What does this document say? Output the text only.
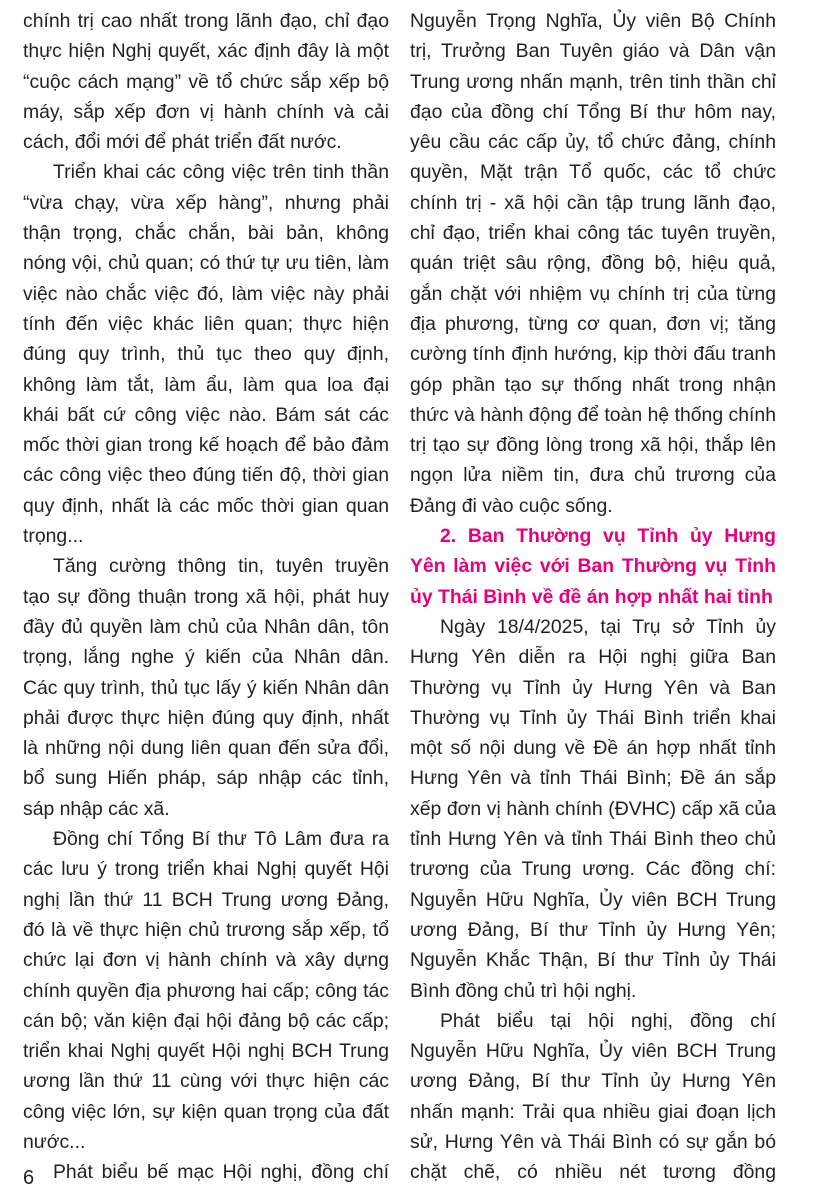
chính trị cao nhất trong lãnh đạo, chỉ đạo thực hiện Nghị quyết, xác định đây là một “cuộc cách mạng” về tổ chức sắp xếp bộ máy, sắp xếp đơn vị hành chính và cải cách, đổi mới để phát triển đất nước.

Triển khai các công việc trên tinh thần “vừa chạy, vừa xếp hàng”, nhưng phải thận trọng, chắc chắn, bài bản, không nóng vội, chủ quan; có thứ tự ưu tiên, làm việc nào chắc việc đó, làm việc này phải tính đến việc khác liên quan; thực hiện đúng quy trình, thủ tục theo quy định, không làm tắt, làm ẩu, làm qua loa đại khái bất cứ công việc nào. Bám sát các mốc thời gian trong kế hoạch để bảo đảm các công việc theo đúng tiến độ, thời gian quy định, nhất là các mốc thời gian quan trọng...

Tăng cường thông tin, tuyên truyền tạo sự đồng thuận trong xã hội, phát huy đầy đủ quyền làm chủ của Nhân dân, tôn trọng, lắng nghe ý kiến của Nhân dân. Các quy trình, thủ tục lấy ý kiến Nhân dân phải được thực hiện đúng quy định, nhất là những nội dung liên quan đến sửa đổi, bổ sung Hiến pháp, sáp nhập các tỉnh, sáp nhập các xã.

Đồng chí Tổng Bí thư Tô Lâm đưa ra các lưu ý trong triển khai Nghị quyết Hội nghị lần thứ 11 BCH Trung ương Đảng, đó là về thực hiện chủ trương sắp xếp, tổ chức lại đơn vị hành chính và xây dựng chính quyền địa phương hai cấp; công tác cán bộ; văn kiện đại hội đảng bộ các cấp; triển khai Nghị quyết Hội nghị BCH Trung ương lần thứ 11 cùng với thực hiện các công việc lớn, sự kiện quan trọng của đất nước...

Phát biểu bế mạc Hội nghị, đồng chí

Nguyễn Trọng Nghĩa, Ủy viên Bộ Chính trị, Trưởng Ban Tuyên giáo và Dân vận Trung ương nhấn mạnh, trên tinh thần chỉ đạo của đồng chí Tổng Bí thư hôm nay, yêu cầu các cấp ủy, tổ chức đảng, chính quyền, Mặt trận Tổ quốc, các tổ chức chính trị - xã hội cần tập trung lãnh đạo, chỉ đạo, triển khai công tác tuyên truyền, quán triệt sâu rộng, đồng bộ, hiệu quả, gắn chặt với nhiệm vụ chính trị của từng địa phương, từng cơ quan, đơn vị; tăng cường tính định hướng, kịp thời đấu tranh góp phần tạo sự thống nhất trong nhận thức và hành động để toàn hệ thống chính trị tạo sự đồng lòng trong xã hội, thắp lên ngọn lửa niềm tin, đưa chủ trương của Đảng đi vào cuộc sống.

2. Ban Thường vụ Tỉnh ủy Hưng Yên làm việc với Ban Thường vụ Tỉnh ủy Thái Bình về đề án hợp nhất hai tỉnh

Ngày 18/4/2025, tại Trụ sở Tỉnh ủy Hưng Yên diễn ra Hội nghị giữa Ban Thường vụ Tỉnh ủy Hưng Yên và Ban Thường vụ Tỉnh ủy Thái Bình triển khai một số nội dung về Đề án hợp nhất tỉnh Hưng Yên và tỉnh Thái Bình; Đề án sắp xếp đơn vị hành chính (ĐVHC) cấp xã của tỉnh Hưng Yên và tỉnh Thái Bình theo chủ trương của Trung ương. Các đồng chí: Nguyễn Hữu Nghĩa, Ủy viên BCH Trung ương Đảng, Bí thư Tỉnh ủy Hưng Yên; Nguyễn Khắc Thận, Bí thư Tỉnh ủy Thái Bình đồng chủ trì hội nghị.

Phát biểu tại hội nghị, đồng chí Nguyễn Hữu Nghĩa, Ủy viên BCH Trung ương Đảng, Bí thư Tỉnh ủy Hưng Yên nhấn mạnh: Trải qua nhiều giai đoạn lịch sử, Hưng Yên và Thái Bình có sự gắn bó chặt chẽ, có nhiều nét tương đồng

6
